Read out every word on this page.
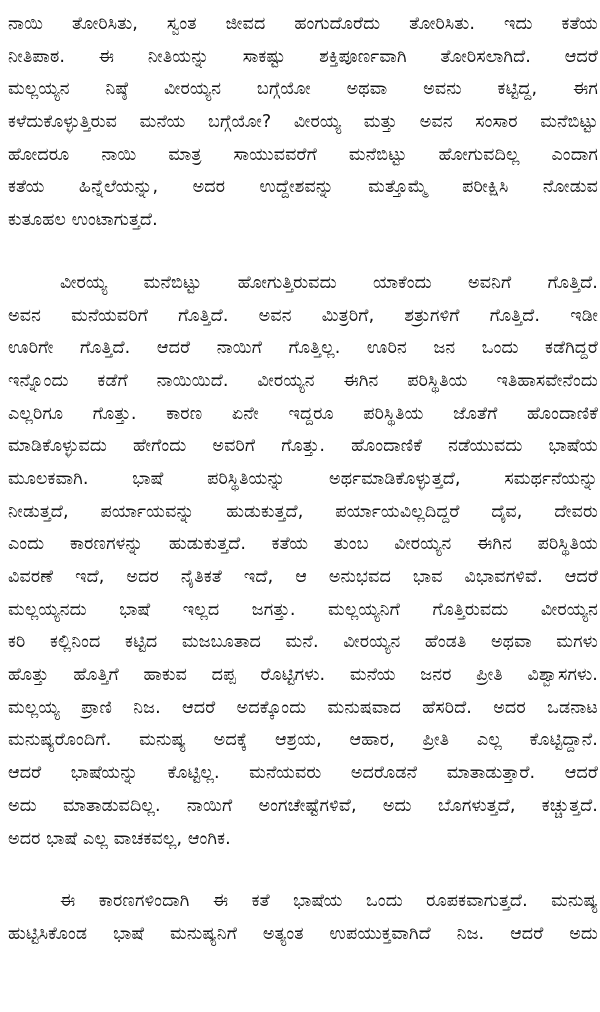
ನಾಯಿ ತೋರಿಸಿತು, ಸ್ವಂತ ಜೀವದ ಹಂಗುದೊರೆದು ತೋರಿಸಿತು. ಇದು ಕತೆಯ
ನೀತಿಪಾಠ. ಈ ನೀತಿಯನ್ನು ಸಾಕಷ್ಟು ಶಕ್ತಿಪೂರ್ಣವಾಗಿ ತೋರಿಸಲಾಗಿದೆ. ಆದರೆ
ಮಲ್ಲಯ್ಯನ ನಿಷ್ಠೆ ವೀರಯ್ಯನ ಬಗ್ಗೆಯೋ ಅಥವಾ ಅವನು ಕಟ್ಟಿದ್ದ, ಈಗ
ಕಳೆದುಕೊಳ್ಳುತ್ತಿರುವ ಮನೆಯ ಬಗ್ಗೆಯೋ? ವೀರಯ್ಯ ಮತ್ತು ಅವನ ಸಂಸಾರ ಮನೆಬಿಟ್ಟು
ಹೋದರೂ ನಾಯಿ ಮಾತ್ರ ಸಾಯುವವರೆಗೆ ಮನೆಬಿಟ್ಟು ಹೋಗುವದಿಲ್ಲ ಎಂದಾಗ
ಕತೆಯ ಹಿನ್ನೆಲೆಯನ್ನು, ಅದರ ಉದ್ದೇಶವನ್ನು ಮತ್ತೊಮ್ಮೆ ಪರೀಕ್ಷಿಸಿ ನೋಡುವ
ಕುತೂಹಲ ಉಂಟಾಗುತ್ತದೆ.
ವೀರಯ್ಯ ಮನೆಬಿಟ್ಟು ಹೋಗುತ್ತಿರುವದು ಯಾಕೆಂದು ಅವನಿಗೆ ಗೊತ್ತಿದೆ.
ಅವನ ಮನೆಯವರಿಗೆ ಗೊತ್ತಿದೆ. ಅವನ ಮಿತ್ರರಿಗೆ, ಶತ್ರುಗಳಿಗೆ ಗೊತ್ತಿದೆ. ಇಡೀ
ಊರಿಗೇ ಗೊತ್ತಿದೆ. ಆದರೆ ನಾಯಿಗೆ ಗೊತ್ತಿಲ್ಲ. ಊರಿನ ಜನ ಒಂದು ಕಡೆಗಿದ್ದರೆ
ಇನ್ನೊಂದು ಕಡೆಗೆ ನಾಯಿಯಿದೆ. ವೀರಯ್ಯನ ಈಗಿನ ಪರಿಸ್ಥಿತಿಯ ಇತಿಹಾಸವೇನೆಂದು
ಎಲ್ಲರಿಗೂ ಗೊತ್ತು. ಕಾರಣ ಏನೇ ಇದ್ದರೂ ಪರಿಸ್ಥಿತಿಯ ಜೊತೆಗೆ ಹೊಂದಾಣಿಕೆ
ಮಾಡಿಕೊಳ್ಳುವದು ಹೇಗೆಂದು ಅವರಿಗೆ ಗೊತ್ತು. ಹೊಂದಾಣಿಕೆ ನಡೆಯುವದು ಭಾಷೆಯ
ಮೂಲಕವಾಗಿ. ಭಾಷೆ ಪರಿಸ್ಥಿತಿಯನ್ನು ಅರ್ಥಮಾಡಿಕೊಳ್ಳುತ್ತದೆ, ಸಮರ್ಥನೆಯನ್ನು
ನೀಡುತ್ತದೆ, ಪರ್ಯಾಯವನ್ನು ಹುಡುಕುತ್ತದೆ, ಪರ್ಯಾಯವಿಲ್ಲದಿದ್ದರೆ ದೈವ, ದೇವರು
ಎಂದು ಕಾರಣಗಳನ್ನು ಹುಡುಕುತ್ತದೆ. ಕತೆಯ ತುಂಬ ವೀರಯ್ಯನ ಈಗಿನ ಪರಿಸ್ಥಿತಿಯ
ವಿವರಣೆ ಇದೆ, ಅದರ ನೈತಿಕತೆ ಇದೆ, ಆ ಅನುಭವದ ಭಾವ ವಿಭಾವಗಳಿವೆ. ಆದರೆ
ಮಲ್ಲಯ್ಯನದು ಭಾಷೆ ಇಲ್ಲದ ಜಗತ್ತು. ಮಲ್ಲಯ್ಯನಿಗೆ ಗೊತ್ತಿರುವದು ವೀರಯ್ಯನ
ಕರಿ ಕಲ್ಲಿನಿಂದ ಕಟ್ಟಿದ ಮಜಬೂತಾದ ಮನೆ. ವೀರಯ್ಯನ ಹೆಂಡತಿ ಅಥವಾ ಮಗಳು
ಹೊತ್ತು ಹೊತ್ತಿಗೆ ಹಾಕುವ ದಪ್ಪ ರೊಟ್ಟಿಗಳು. ಮನೆಯ ಜನರ ಪ್ರೀತಿ ವಿಶ್ವಾಸಗಳು.
ಮಲ್ಲಯ್ಯ ಪ್ರಾಣಿ ನಿಜ. ಆದರೆ ಅದಕ್ಕೊಂದು ಮನುಷವಾದ ಹೆಸರಿದೆ. ಅದರ ಒಡನಾಟ
ಮನುಷ್ಯರೊಂದಿಗೆ. ಮನುಷ್ಯ ಅದಕ್ಕೆ ಆಶ್ರಯ, ಆಹಾರ, ಪ್ರೀತಿ ಎಲ್ಲ ಕೊಟ್ಟಿದ್ದಾನೆ.
ಆದರೆ ಭಾಷೆಯನ್ನು ಕೊಟ್ಟಿಲ್ಲ. ಮನೆಯವರು ಅದರೊಡನೆ ಮಾತಾಡುತ್ತಾರೆ. ಆದರೆ
ಅದು ಮಾತಾಡುವದಿಲ್ಲ. ನಾಯಿಗೆ ಅಂಗಚೇಷ್ಟೆಗಳಿವೆ, ಅದು ಬೊಗಳುತ್ತದೆ, ಕಚ್ಚುತ್ತದೆ.
ಅದರ ಭಾಷೆ ಎಲ್ಲ ವಾಚಕವಲ್ಲ, ಆಂಗಿಕ.
ಈ ಕಾರಣಗಳಿಂದಾಗಿ ಈ ಕತೆ ಭಾಷೆಯ ಒಂದು ರೂಪಕವಾಗುತ್ತದೆ. ಮನುಷ್ಯ
ಹುಟ್ಟಿಸಿಕೊಂಡ ಭಾಷೆ ಮನುಷ್ಯನಿಗೆ ಅತ್ಯಂತ ಉಪಯುಕ್ತವಾಗಿದೆ ನಿಜ. ಆದರೆ ಅದು
